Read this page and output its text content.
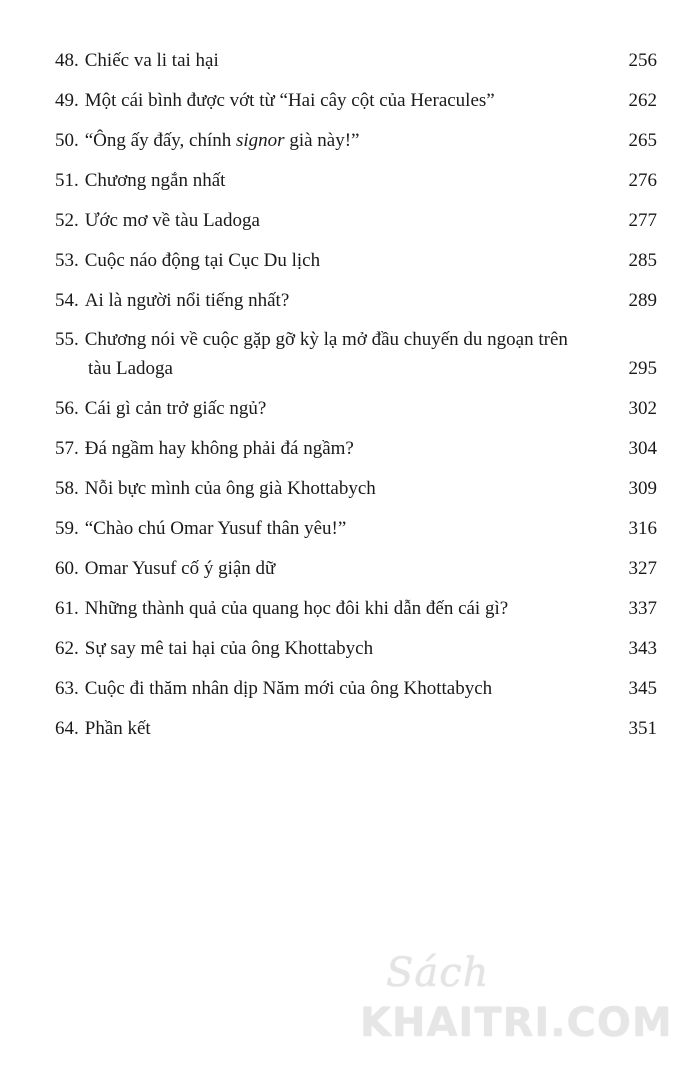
48. Chiếc va li tai hại	256
49. Một cái bình được vớt từ “Hai cây cột của Heracules”	262
50. “Ông ấy đấy, chính signor già này!”	265
51. Chương ngắn nhất	276
52. Ước mơ về tàu Ladoga	277
53. Cuộc náo động tại Cục Du lịch	285
54. Ai là người nổi tiếng nhất?	289
55. Chương nói về cuộc gặp gỡ kỳ lạ mở đầu chuyến du ngoạn trên
tàu Ladoga	295
56. Cái gì cản trở giấc ngủ?	302
57. Đá ngầm hay không phải đá ngầm?	304
58. Nỗi bực mình của ông già Khottabych	309
59. “Chào chú Omar Yusuf thân yêu!”	316
60. Omar Yusuf cố ý giận dữ	327
61. Những thành quả của quang học đôi khi dẫn đến cái gì?	337
62. Sự say mê tai hại của ông Khottabych	343
63. Cuộc đi thăm nhân dịp Năm mới của ông Khottabych	345
64. Phần kết	351
Sách
KHAITRI.COM
